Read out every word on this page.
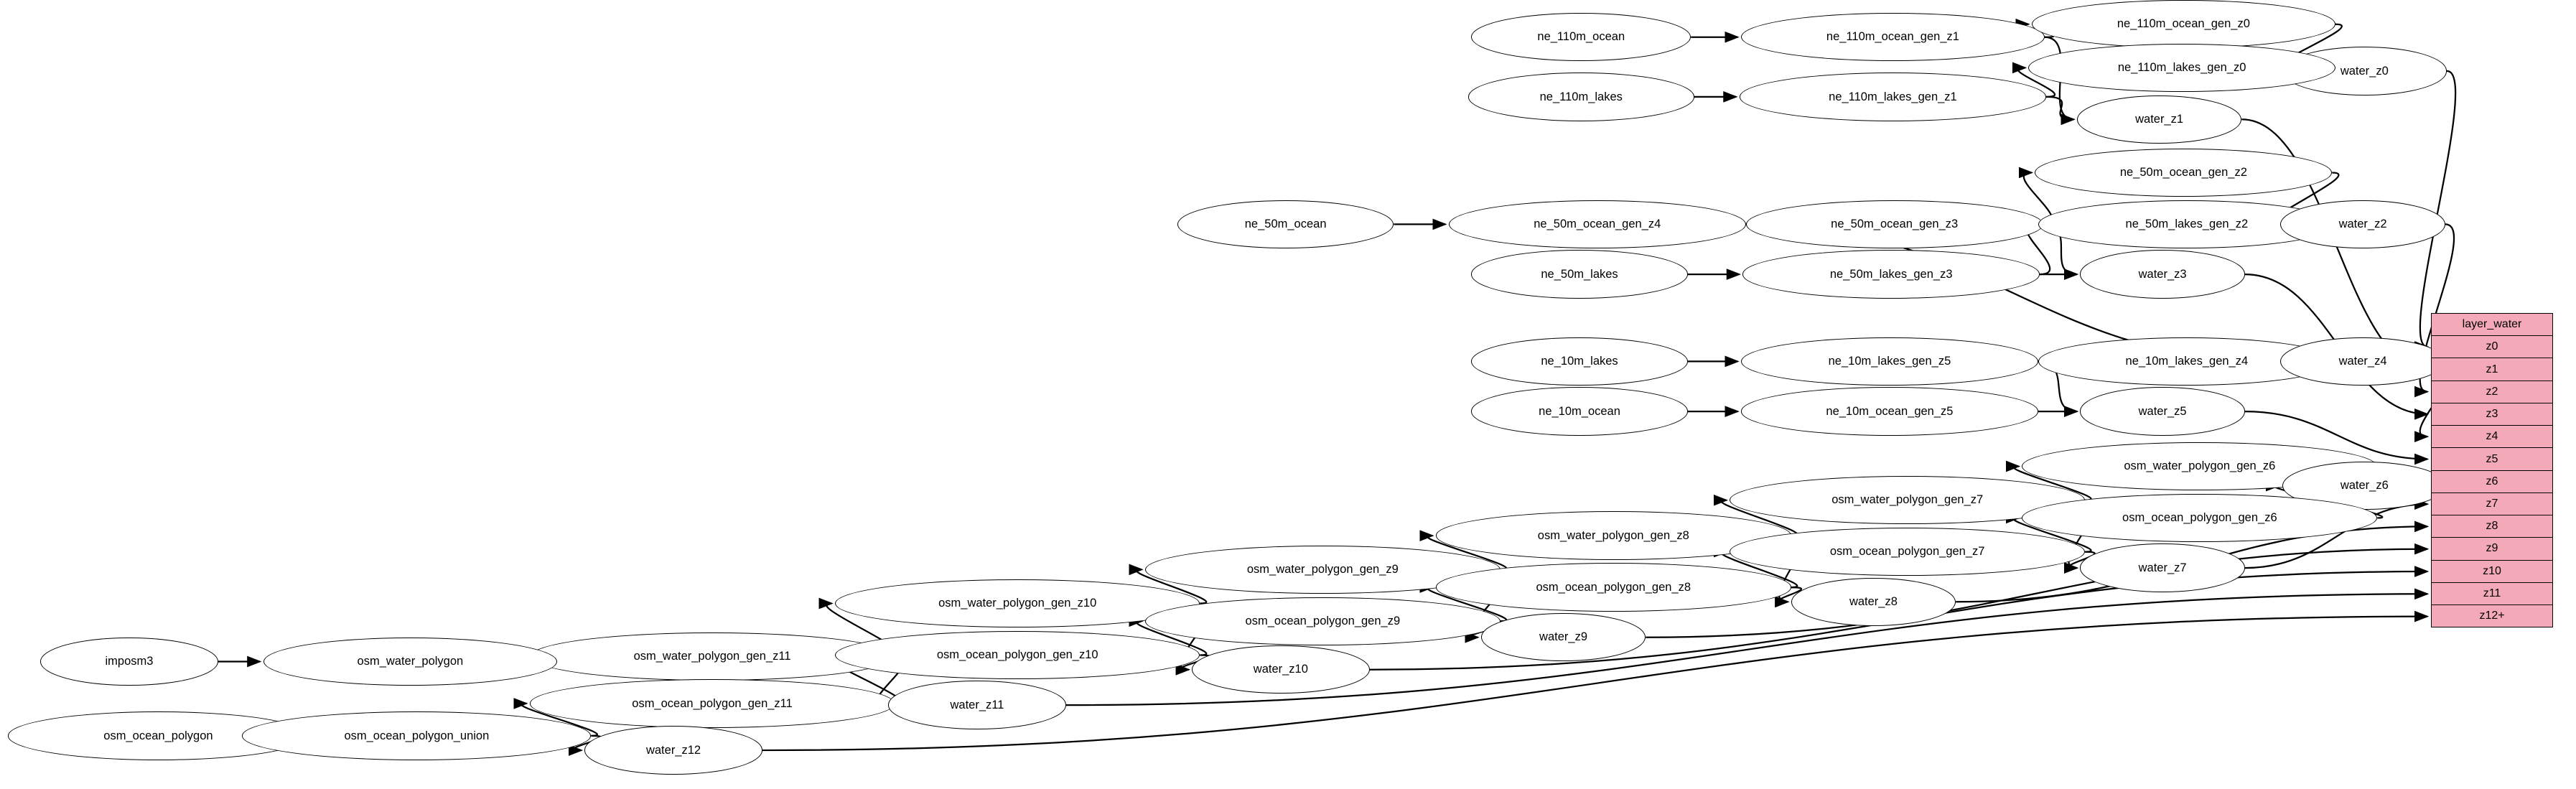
ne_110m_ocean	ne_110m_ocean_gen_z1
ne_110m_ocean_gen_z0
water_z0
ne_110m_lakes	ne_110m_lakes_gen_z1
ne_110m_lakes_gen_z0
water_z1
ne_50m_ocean_gen_z2
ne_50m_ocean	ne_50m_ocean_gen_z4	ne_50m_ocean_gen_z3	ne_50m_lakes_gen_z2	water_z2
ne_50m_lakes	ne_50m_lakes_gen_z3	water_z3
ne_10m_lakes	ne_10m_lakes_gen_z5	ne_10m_lakes_gen_z4	water_z4
ne_10m_ocean	ne_10m_ocean_gen_z5	water_z5
osm_water_polygon_gen_z6
osm_water_polygon_gen_z7
water_z6
osm_ocean_polygon_gen_z6
osm_water_polygon_gen_z8
osm_ocean_polygon_gen_z7
water_z7
osm_water_polygon_gen_z9
osm_ocean_polygon_gen_z8
water_z8
osm_water_polygon_gen_z10
osm_ocean_polygon_gen_z9
water_z9
osm_water_polygon_gen_z11	osm_ocean_polygon_gen_z10
osm_water_polygon
imposm3
water_z10
osm_ocean_polygon_gen_z11	water_z11
osm_ocean_polygon	osm_ocean_polygon_union
water_z12
layer_water
z0
z1
z2
z3
z4
z5
z6
z7
z8
z9
z10
z11
z12+
